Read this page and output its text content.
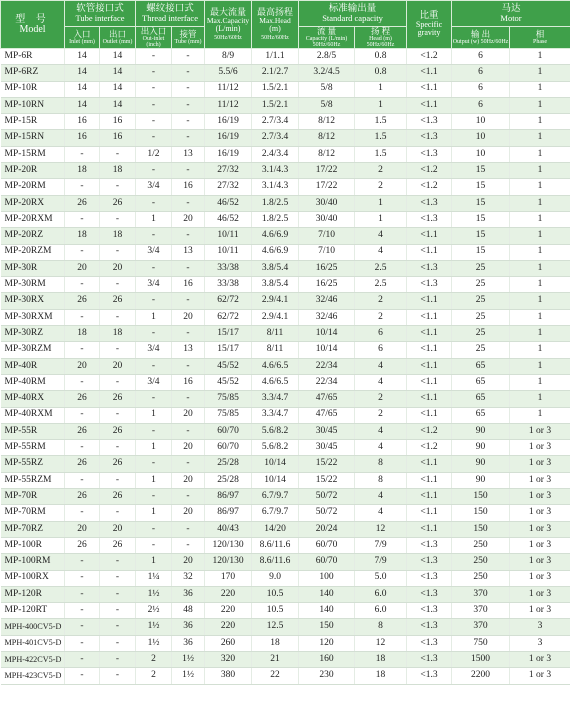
型 号
Model	软管接口式
Tube interface		螺纹接口式
Thread interface		最大流量
Max.Capacity
(L/min)
50Hz/60Hz	最高扬程
Max.Head
(m)
50Hz/60Hz	标准输出量
Standard capacity		比重
Specific
gravity	马达
Motor	

	入口
Inlet (mm)	出口
Outlet (mm)	出入口
Out-inlet (inch)	接管
Tube (mm)			流 量
Capacity (L/min) 50Hz/60Hz	扬 程
Head (m) 50Hz/60Hz		输 出
Output (w) 50Hz/60Hz	相
Phase

MP-6R	14	14	-	-	8/9	1/1.1	2.8/5	0.8	<1.2	6	1
MP-6RZ	14	14	-	-	5.5/6	2.1/2.7	3.2/4.5	0.8	<1.1	6	1
MP-10R	14	14	-	-	11/12	1.5/2.1	5/8	1	<1.1	6	1
MP-10RN	14	14	-	-	11/12	1.5/2.1	5/8	1	<1.1	6	1
MP-15R	16	16	-	-	16/19	2.7/3.4	8/12	1.5	<1.3	10	1
MP-15RN	16	16	-	-	16/19	2.7/3.4	8/12	1.5	<1.3	10	1
MP-15RM	-	-	1/2	13	16/19	2.4/3.4	8/12	1.5	<1.3	10	1
MP-20R	18	18	-	-	27/32	3.1/4.3	17/22	2	<1.2	15	1
MP-20RM	-	-	3/4	16	27/32	3.1/4.3	17/22	2	<1.2	15	1
MP-20RX	26	26	-	-	46/52	1.8/2.5	30/40	1	<1.3	15	1
MP-20RXM	-	-	1	20	46/52	1.8/2.5	30/40	1	<1.3	15	1
MP-20RZ	18	18	-	-	10/11	4.6/6.9	7/10	4	<1.1	15	1
MP-20RZM	-	-	3/4	13	10/11	4.6/6.9	7/10	4	<1.1	15	1
MP-30R	20	20	-	-	33/38	3.8/5.4	16/25	2.5	<1.3	25	1
MP-30RM	-	-	3/4	16	33/38	3.8/5.4	16/25	2.5	<1.3	25	1
MP-30RX	26	26	-	-	62/72	2.9/4.1	32/46	2	<1.1	25	1
MP-30RXM	-	-	1	20	62/72	2.9/4.1	32/46	2	<1.1	25	1
MP-30RZ	18	18	-	-	15/17	8/11	10/14	6	<1.1	25	1
MP-30RZM	-	-	3/4	13	15/17	8/11	10/14	6	<1.1	25	1
MP-40R	20	20	-	-	45/52	4.6/6.5	22/34	4	<1.1	65	1
MP-40RM	-	-	3/4	16	45/52	4.6/6.5	22/34	4	<1.1	65	1
MP-40RX	26	26	-	-	75/85	3.3/4.7	47/65	2	<1.1	65	1
MP-40RXM	-	-	1	20	75/85	3.3/4.7	47/65	2	<1.1	65	1
MP-55R	26	26	-	-	60/70	5.6/8.2	30/45	4	<1.2	90	1 or 3
MP-55RM	-	-	1	20	60/70	5.6/8.2	30/45	4	<1.2	90	1 or 3
MP-55RZ	26	26	-	-	25/28	10/14	15/22	8	<1.1	90	1 or 3
MP-55RZM	-	-	1	20	25/28	10/14	15/22	8	<1.1	90	1 or 3
MP-70R	26	26	-	-	86/97	6.7/9.7	50/72	4	<1.1	150	1 or 3
MP-70RM	-	-	1	20	86/97	6.7/9.7	50/72	4	<1.1	150	1 or 3
MP-70RZ	20	20	-	-	40/43	14/20	20/24	12	<1.1	150	1 or 3
MP-100R	26	26	-	-	120/130	8.6/11.6	60/70	7/9	<1.3	250	1 or 3
MP-100RM	-	-	1	20	120/130	8.6/11.6	60/70	7/9	<1.3	250	1 or 3
MP-100RX	-	-	1¼	32	170	9.0	100	5.0	<1.3	250	1 or 3
MP-120R	-	-	1½	36	220	10.5	140	6.0	<1.3	370	1 or 3
MP-120RT	-	-	2½	48	220	10.5	140	6.0	<1.3	370	1 or 3
MPH-400CV5-D	-	-	1½	36	220	12.5	150	8	<1.3	370	3
MPH-401CV5-D	-	-	1½	36	260	18	120	12	<1.3	750	3
MPH-422CV5-D	-	-	2	1½	320	21	160	18	<1.3	1500	1 or 3
MPH-423CV5-D	-	-	2	1½	380	22	230	18	<1.3	2200	1 or 3
